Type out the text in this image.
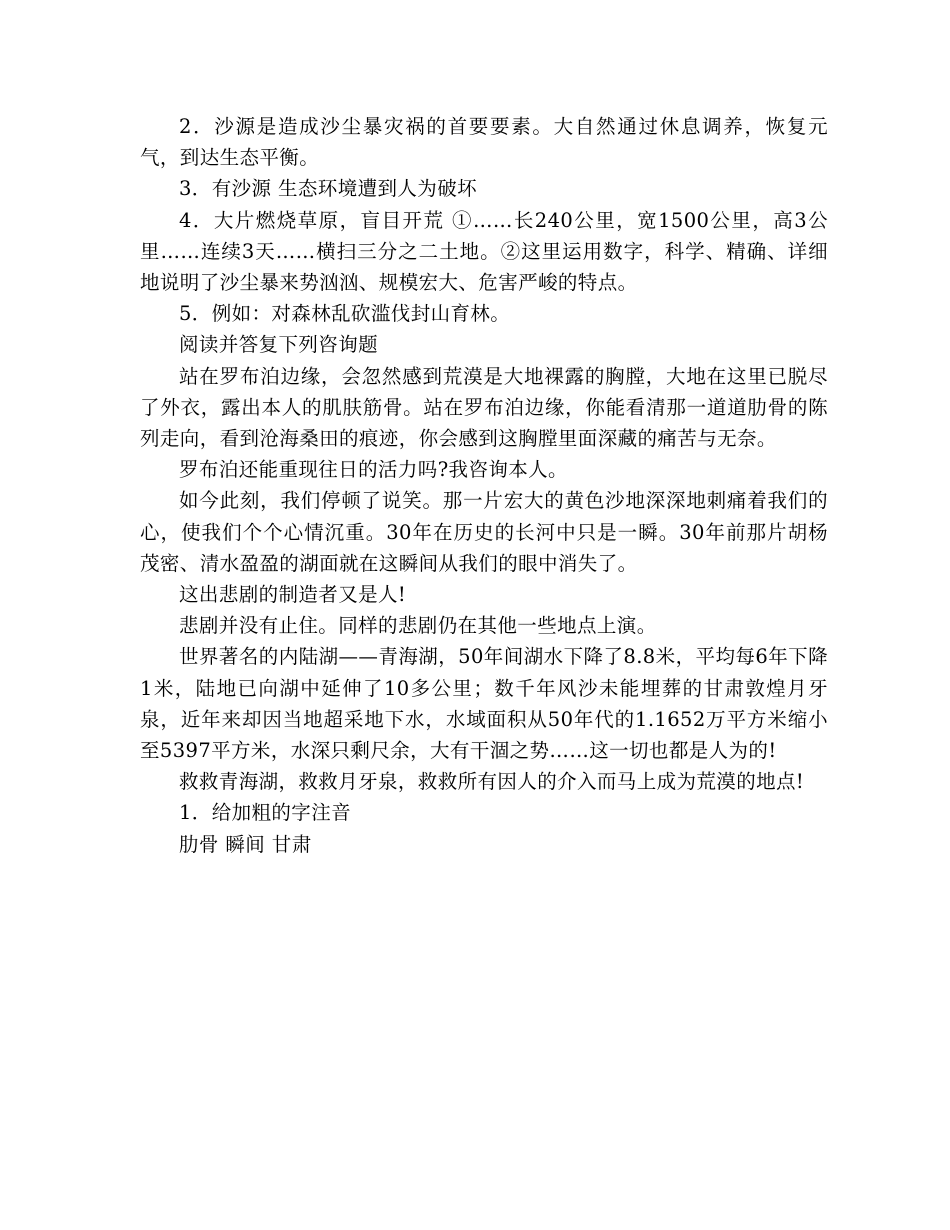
2．沙源是造成沙尘暴灾祸的首要要素。大自然通过休息调养，恢复元气，到达生态平衡。

3．有沙源 生态环境遭到人为破坏

4．大片燃烧草原，盲目开荒 ①……长240公里，宽1500公里，高3公里……连续3天……横扫三分之二土地。②这里运用数字，科学、精确、详细地说明了沙尘暴来势汹汹、规模宏大、危害严峻的特点。

5．例如：对森林乱砍滥伐封山育林。

阅读并答复下列咨询题

站在罗布泊边缘，会忽然感到荒漠是大地裸露的胸膛，大地在这里已脱尽了外衣，露出本人的肌肤筋骨。站在罗布泊边缘，你能看清那一道道肋骨的陈列走向，看到沧海桑田的痕迹，你会感到这胸膛里面深藏的痛苦与无奈。

罗布泊还能重现往日的活力吗?我咨询本人。

如今此刻，我们停顿了说笑。那一片宏大的黄色沙地深深地刺痛着我们的心，使我们个个心情沉重。30年在历史的长河中只是一瞬。30年前那片胡杨茂密、清水盈盈的湖面就在这瞬间从我们的眼中消失了。

这出悲剧的制造者又是人!

悲剧并没有止住。同样的悲剧仍在其他一些地点上演。

世界著名的内陆湖——青海湖，50年间湖水下降了8.8米，平均每6年下降1米，陆地已向湖中延伸了10多公里；数千年风沙未能埋葬的甘肃敦煌月牙泉，近年来却因当地超采地下水，水域面积从50年代的1.1652万平方米缩小至5397平方米，水深只剩尺余，大有干涸之势……这一切也都是人为的!

救救青海湖，救救月牙泉，救救所有因人的介入而马上成为荒漠的地点!

1．给加粗的字注音

肋骨 瞬间 甘肃
